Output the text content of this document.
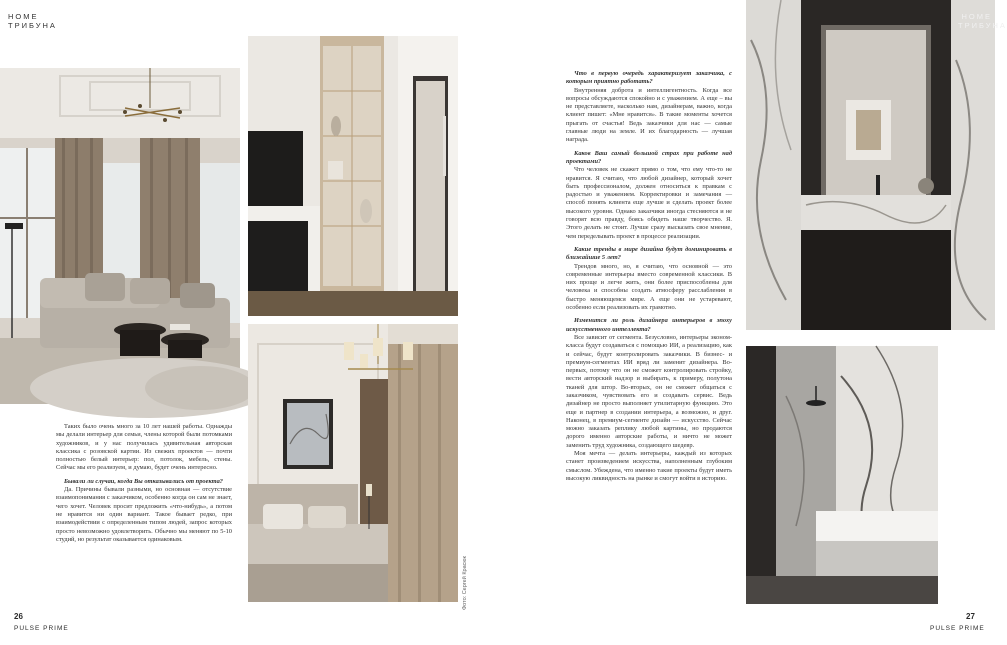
HOME
ТРИБУНА
Фото: Сергей Красюк

Таких было очень много за 10 лет нашей работы. Однажды мы делали интерьер для семьи, члены которой были потомками художников, и у нас получилась удивительная авторская классика с розовской картии. Из свежих проектов — почти полностью белый интерьер: пол, потолок, мебель, стены. Сейчас мы его реализуем, и думаю, будет очень интересно.

Бывали ли случаи, когда Вы отказывались от проекта?

Да. Причины бывали разными, но основная — отсутствие взаимопонимания с заказчиком, особенно когда он сам не знает, чего хочет. Человек просит предложить «что-нибудь», а потом не нравится ни один вариант. Такое бывает редко, при взаимодействии с определенным типом людей, запрос которых просто невозможно удовлетворить. Обычно мы меняют по 5-10 студий, но результат оказывается одинаковым.

26
PULSE PRIME

Что в первую очередь характеризует заказчика, с которым приятно работать?

Внутренняя доброта и интеллигентность. Когда все вопросы обсуждаются спокойно и с уважением. А еще – вы не представляете, насколько нам, дизайнерам, важно, когда клиент пишет: «Мне нравится». В такие моменты хочется прыгать от счастья! Ведь заказчики для нас — самые главные люди на земле. И их благодарность — лучшая награда.

Каков Ваш самый большой страх при работе над проектами?

Что человек не скажет прямо о том, что ему что-то не нравится. Я считаю, что любой дизайнер, который хочет быть профессионалом, должен относиться к правкам с радостью и уважением. Корректировки и замечания — способ понять клиента еще лучше и сделать проект более высокого уровня. Однако заказчики иногда стесняются и не говорят всю правду, боясь обидеть наше творчество. Я. Этого делать не стоит. Лучше сразу высказать свое мнение, чем переделывать проект в процессе реализации.

Какие тренды в мире дизайна будут доминировать в ближайшие 5 лет?

Трендов много, но, я считаю, что основной — это современные интерьеры вместо современной классики. В них проще и легче жить, они более приспособлены для человека и способны создать атмосферу расслабления в быстро меняющемся мире. А еще они не устаревают, особенно если реализовать их грамотно.

Изменится ли роль дизайнера интерьеров в эпоху искусственного интеллекта?

Все зависит от сегмента. Безусловно, интерьеры эконом-класса будут создаваться с помощью ИИ, а реализацию, как и сейчас, будут контролировать заказчики. В бизнес- и премиум-сегментах ИИ вряд ли заменит дизайнера. Во-первых, потому что он не сможет контролировать стройку, вести авторский надзор и выбирать, к примеру, полутона тканей для штор. Во-вторых, он не сможет общаться с заказчиком, чувствовать его и создавать сервис. Ведь дизайнер не просто выполняет утилитарную функцию. Это еще и партнер в создании интерьера, а возможно, и друг. Наконец, в премиум-сегменте дизайн — искусство. Сейчас можно заказать реплику любой картины, но продаются дорого именно авторские работы, и ничто не может заменить труд художника, создающего шедевр.

Моя мечта — делать интерьеры, каждый из которых станет произведением искусства, наполненным глубоким смыслом. Убеждена, что именно такие проекты будут иметь высокую ликвидность на рынке и смогут войти в историю.

HOME
ТРИБУНА
27
PULSE PRIME
